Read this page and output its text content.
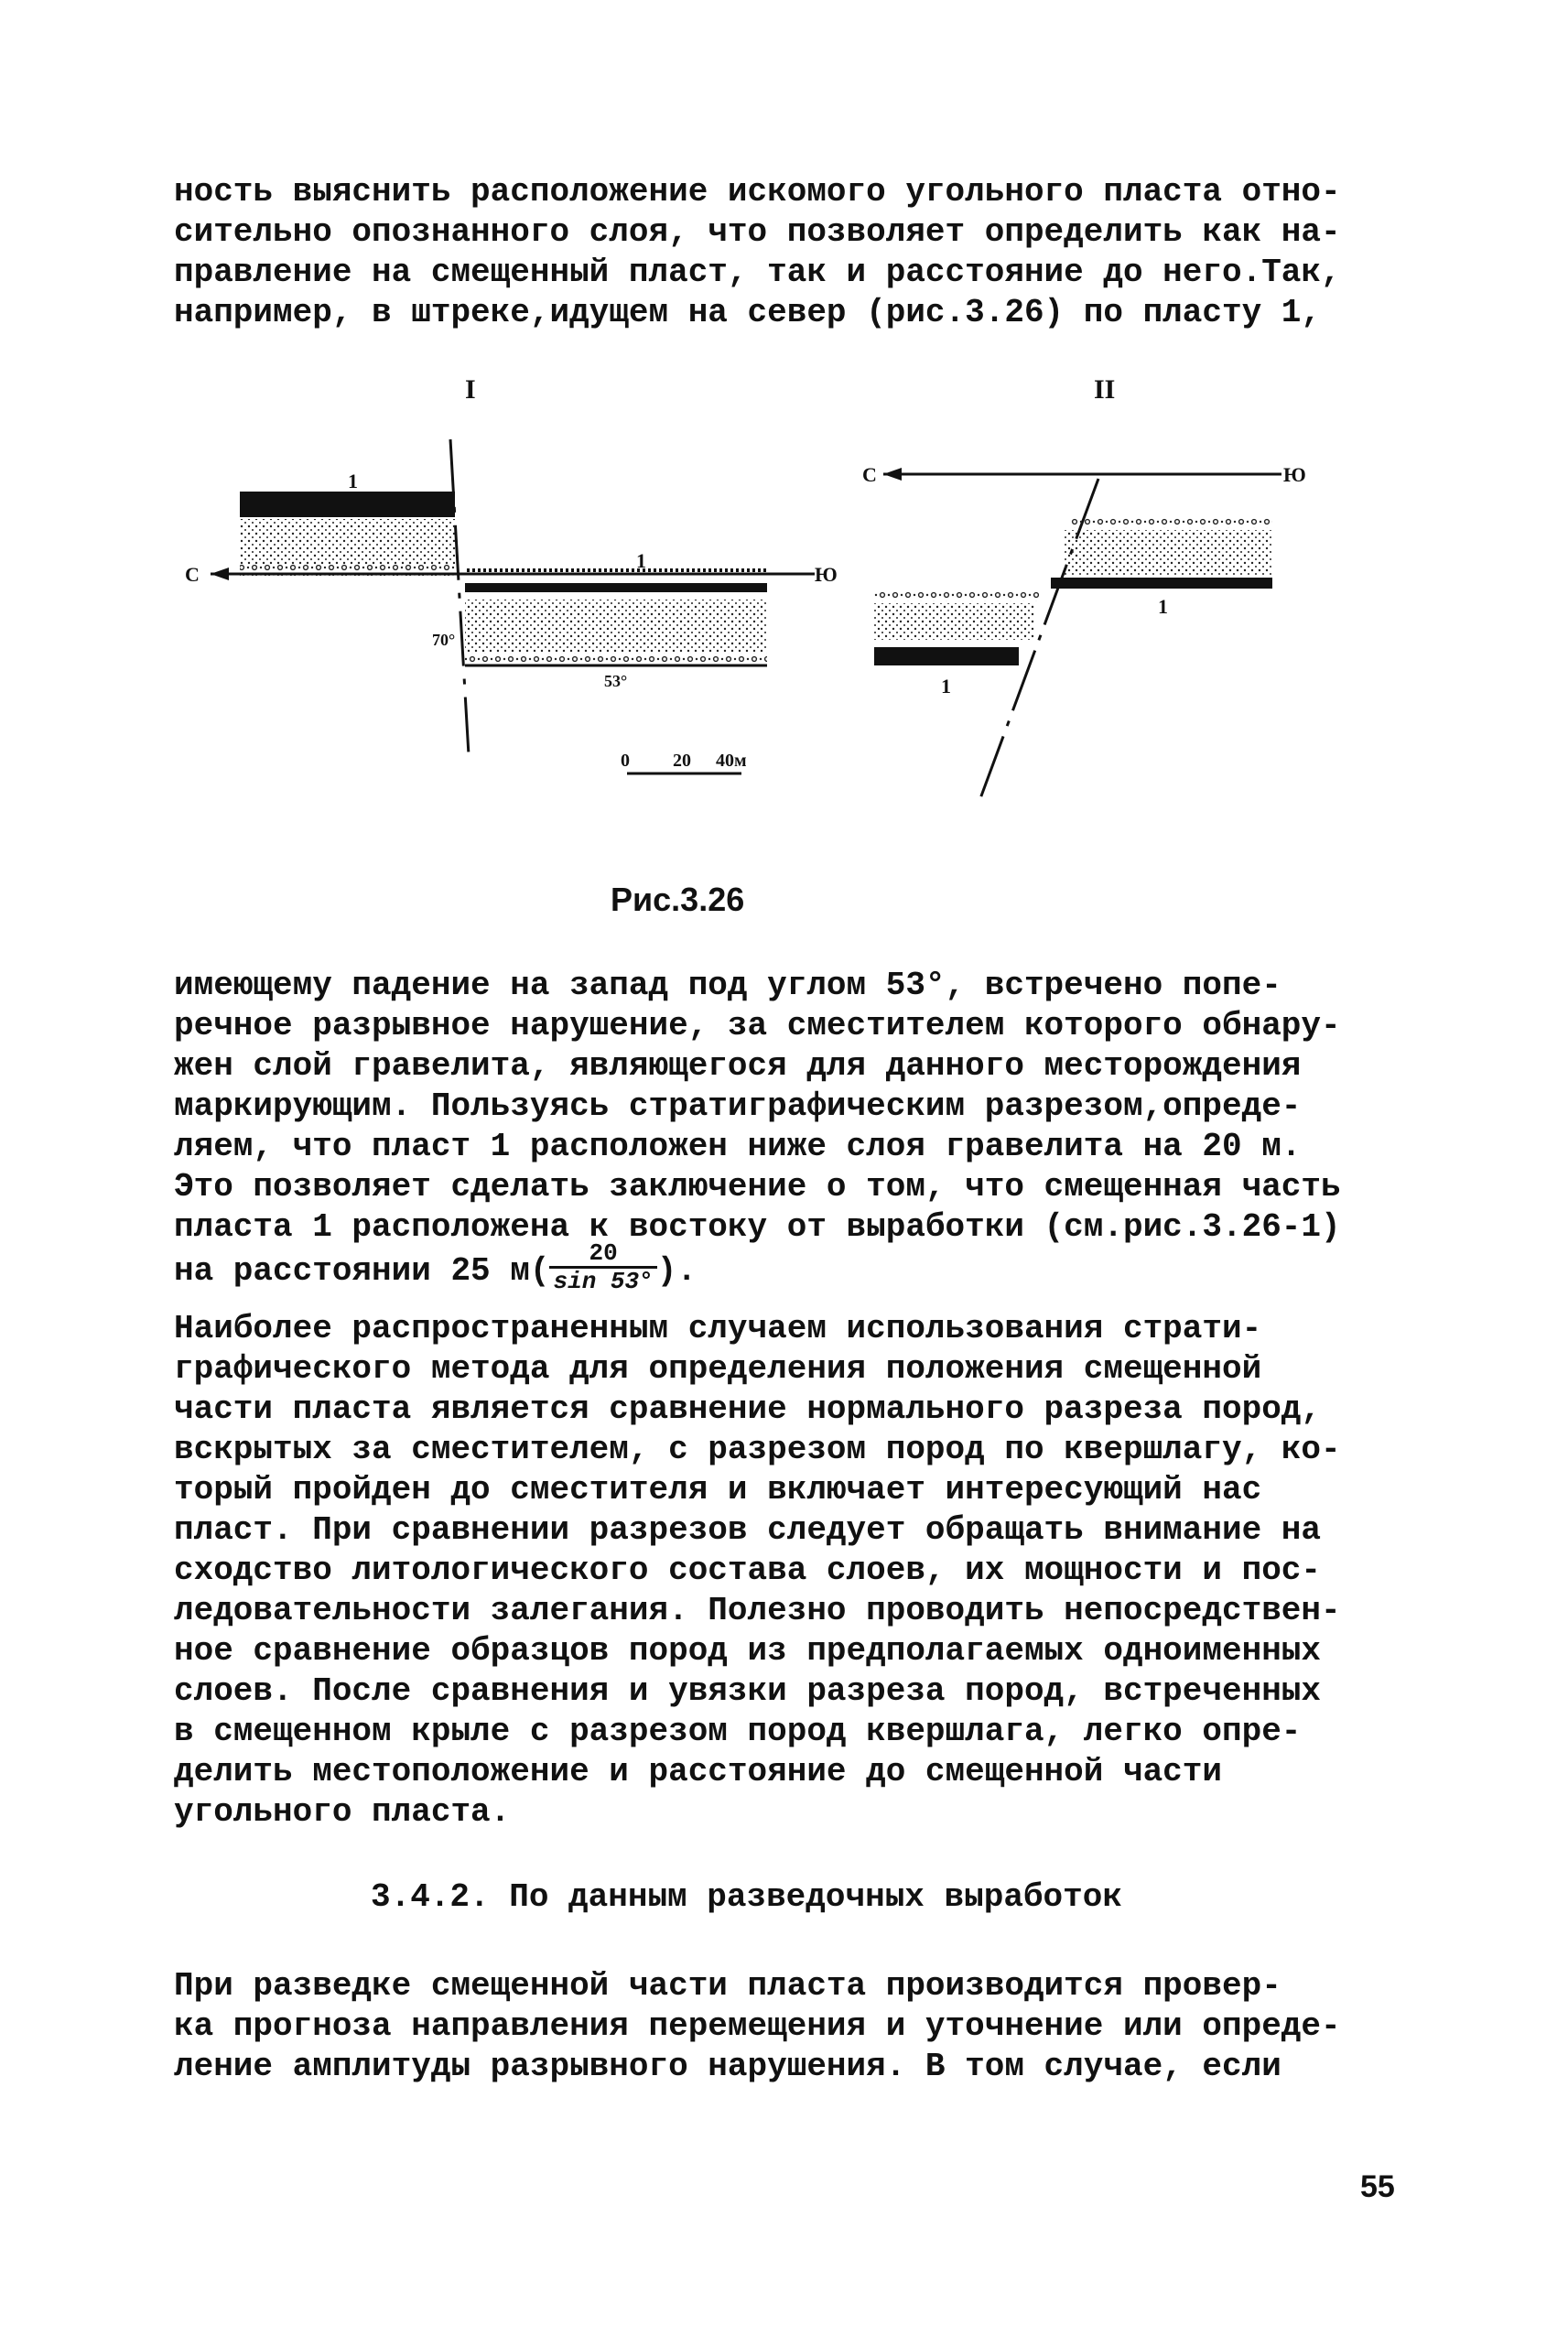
ность выяснить расположение искомого угольного пласта отно-
сительно опознанного слоя, что позволяет определить как на-
правление на смещенный пласт, так и расстояние до него.Так,
например, в штреке,идущем на север (рис.3.26) по пласту 1,

I
1
С	Ю
1
70°
53°
0 20 40м
II
С	Ю
1
1
Рис.3.26

имеющему падение на запад под углом 53°, встречено попе-

речное разрывное нарушение, за сместителем которого обнару-

жен слой гравелита, являющегося для данного месторождения

маркирующим. Пользуясь стратиграфическим разрезом,опреде-

ляем, что пласт 1 расположен ниже слоя гравелита на 20 м.

Это позволяет сделать заключение о том, что смещенная часть

пласта 1 расположена к востоку от выработки (см.рис.3.26-1)

на расстоянии 25 $м( \frac{20}{\sin 53^\circ}$ ).

Наиболее распространенным случаем использования страти-
графического метода для определения положения смещенной
части пласта является сравнение нормального разреза пород,
вскрытых за сместителем, с разрезом пород по квершлагу, ко-
торый пройден до сместителя и включает интересующий нас
пласт. При сравнении разрезов следует обращать внимание на
сходство литологического состава слоев, их мощности и пос-
ледовательности залегания. Полезно проводить непосредствен-
ное сравнение образцов пород из предполагаемых одноименных
слоев. После сравнения и увязки разреза пород, встреченных
в смещенном крыле с разрезом пород квершлага, легко опре-
делить местоположение и расстояние до смещенной части
угольного пласта.

3.4.2. По данным разведочных выработок

При разведке смещенной части пласта производится провер-
ка прогноза направления перемещения и уточнение или опреде-
ление амплитуды разрывного нарушения. В том случае, если

55
